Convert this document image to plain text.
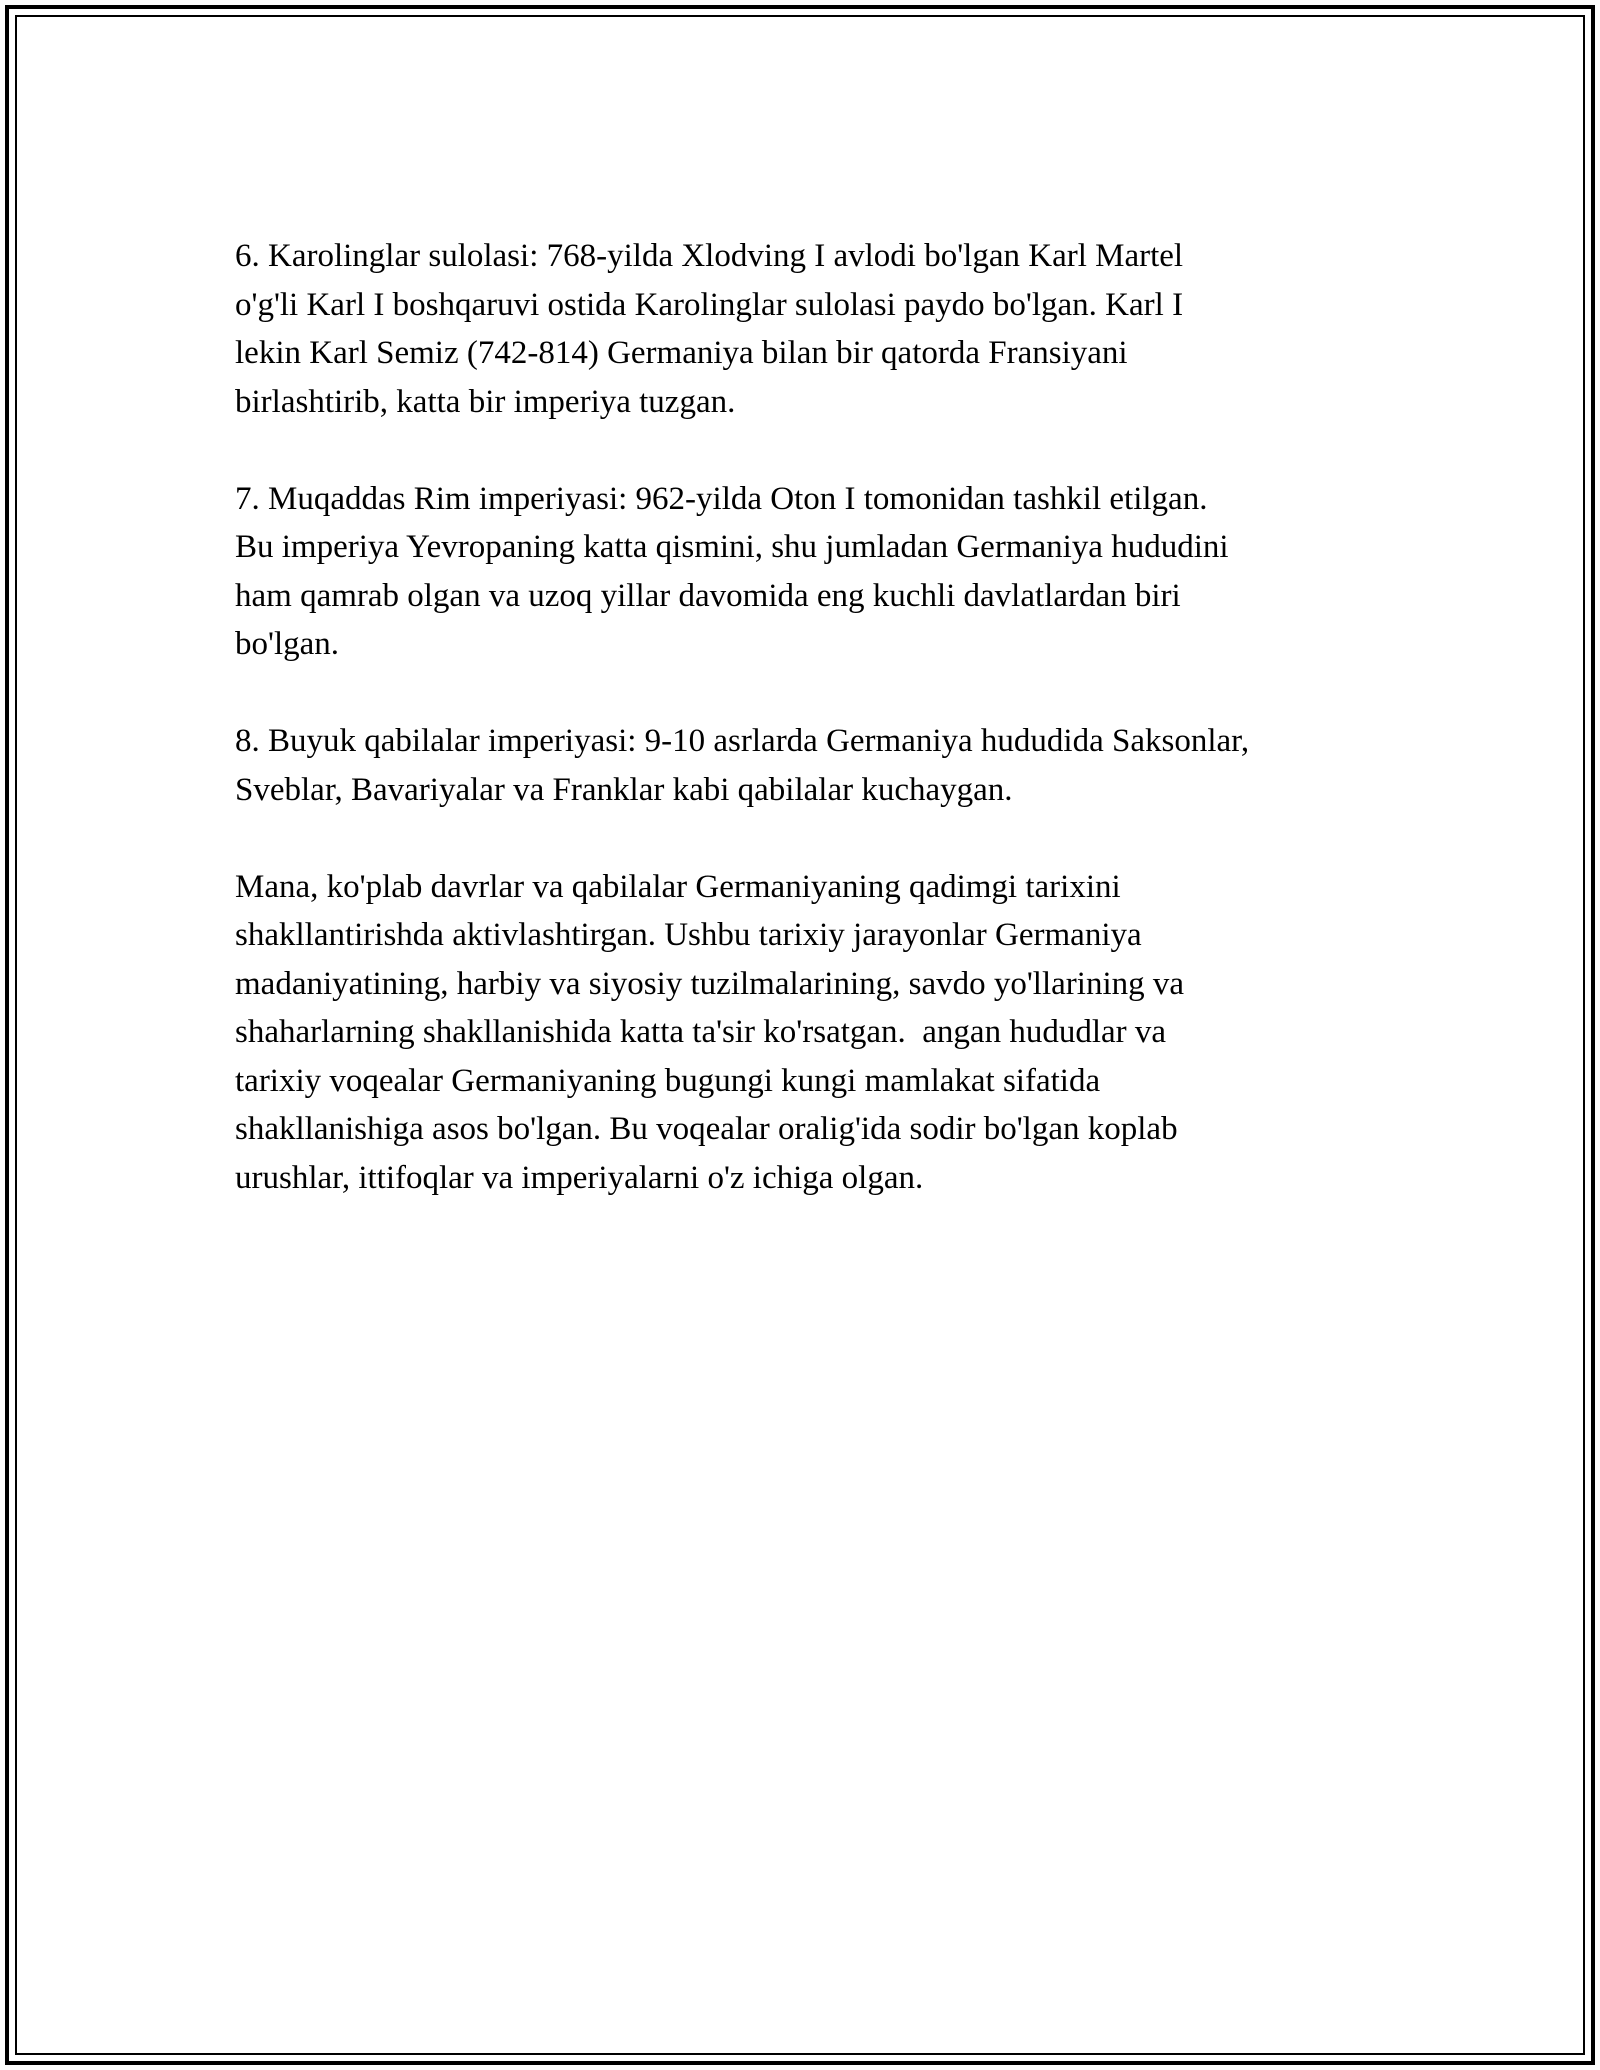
6. Karolinglar sulolasi: 768-yilda Xlodving I avlodi bo'lgan Karl Martel
o'g'li Karl I boshqaruvi ostida Karolinglar sulolasi paydo bo'lgan. Karl I
lekin Karl Semiz (742-814) Germaniya bilan bir qatorda Fransiyani
birlashtirib, katta bir imperiya tuzgan.

7. Muqaddas Rim imperiyasi: 962-yilda Oton I tomonidan tashkil etilgan.
Bu imperiya Yevropaning katta qismini, shu jumladan Germaniya hududini
ham qamrab olgan va uzoq yillar davomida eng kuchli davlatlardan biri
bo'lgan.

8. Buyuk qabilalar imperiyasi: 9-10 asrlarda Germaniya hududida Saksonlar,
Sveblar, Bavariyalar va Franklar kabi qabilalar kuchaygan.

Mana, ko'plab davrlar va qabilalar Germaniyaning qadimgi tarixini
shakllantirishda aktivlashtirgan. Ushbu tarixiy jarayonlar Germaniya
madaniyatining, harbiy va siyosiy tuzilmalarining, savdo yo'llarining va
shaharlarning shakllanishida katta ta'sir ko'rsatgan.  angan hududlar va
tarixiy voqealar Germaniyaning bugungi kungi mamlakat sifatida
shakllanishiga asos bo'lgan. Bu voqealar oralig'ida sodir bo'lgan koplab
urushlar, ittifoqlar va imperiyalarni o'z ichiga olgan.
